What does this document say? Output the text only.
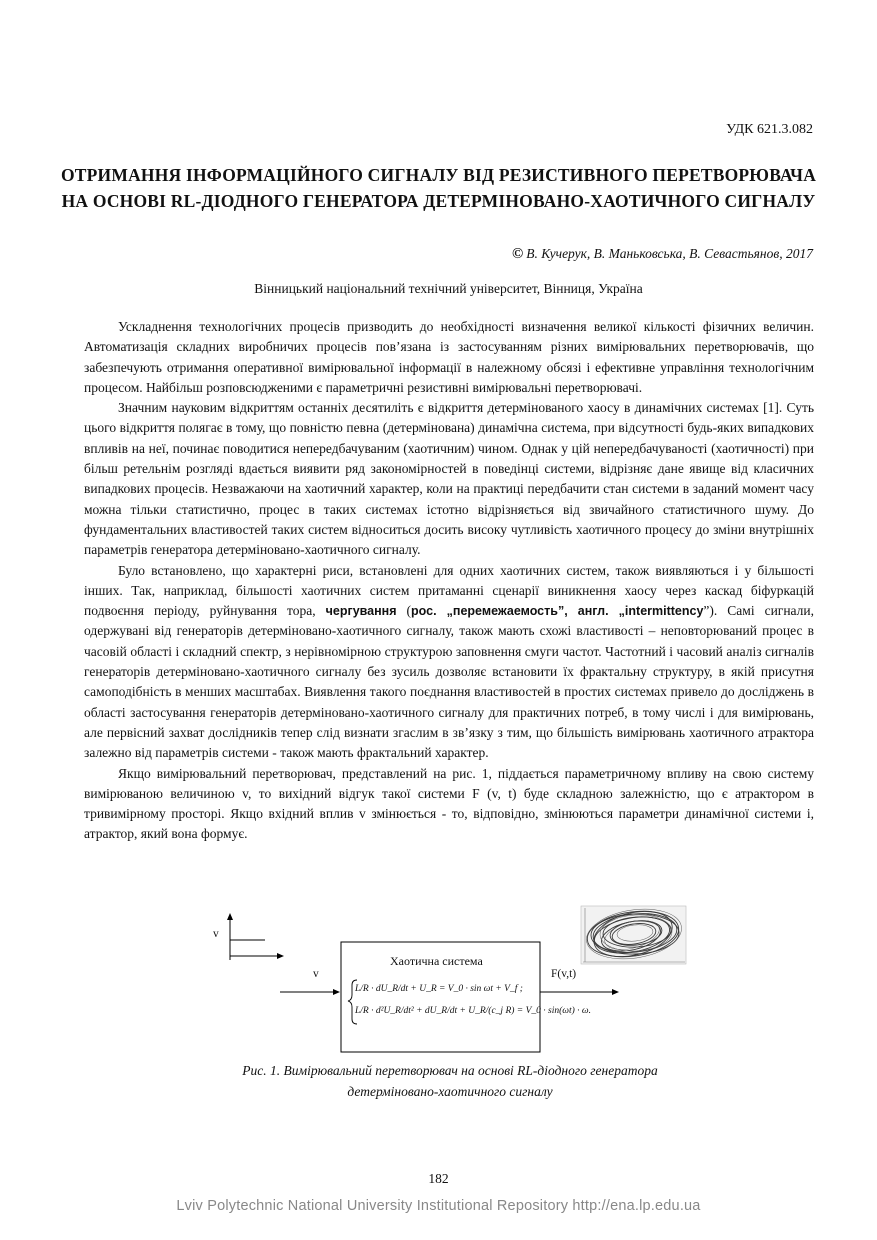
УДК 621.3.082
ОТРИМАННЯ ІНФОРМАЦІЙНОГО СИГНАЛУ ВІД РЕЗИСТИВНОГО ПЕРЕТВОРЮВАЧА НА ОСНОВІ RL-ДІОДНОГО ГЕНЕРАТОРА ДЕТЕРМІНОВАНО-ХАОТИЧНОГО СИГНАЛУ
© В. Кучерук, В. Маньковська, В. Севастьянов, 2017
Вінницький національний технічний університет, Вінниця, Україна

Ускладнення технологічних процесів призводить до необхідності визначення великої кількості фізичних величин. Автоматизація складних виробничих процесів пов’язана із застосуванням різних вимірювальних перетворювачів, що забезпечують отримання оперативної вимірювальної інформації в належному обсязі і ефективне управління технологічним процесом. Найбільш розповсюдженими є параметричні резистивні вимірювальні перетворювачі.

Значним науковим відкриттям останніх десятиліть є відкриття детермінованого хаосу в динамічних системах [1]. Суть цього відкриття полягає в тому, що повністю певна (детермінована) динамічна система, при відсутності будь-яких випадкових впливів на неї, починає поводитися непередбачуваним (хаотичним) чином. Однак у цій непередбачуваності (хаотичності) при більш ретельнім розгляді вдається виявити ряд закономірностей в поведінці системи, відрізняє дане явище від класичних випадкових процесів. Незважаючи на хаотичний характер, коли на практиці передбачити стан системи в заданий момент часу можна тільки статистично, процес в таких системах істотно відрізняється від звичайного статистичного шуму. До фундаментальних властивостей таких систем відноситься досить високу чутливість хаотичного процесу до зміни внутрішніх параметрів генератора детерміновано-хаотичного сигналу.

Було встановлено, що характерні риси, встановлені для одних хаотичних систем, також виявляються і у більшості інших. Так, наприклад, більшості хаотичних систем притаманні сценарії виникнення хаосу через каскад біфуркацій подвоєння періоду, руйнування тора, чергування (рос. „перемежаемость”, англ. „intermittency”). Самі сигнали, одержувані від генераторів детерміновано-хаотичного сигналу, також мають схожі властивості – неповторюваний процес в часовій області і складний спектр, з нерівномірною структурою заповнення смуги частот. Частотний і часовий аналіз сигналів генераторів детерміновано-хаотичного сигналу без зусиль дозволяє встановити їх фрактальну структуру, в якій присутня самоподібність в менших масштабах. Виявлення такого поєднання властивостей в простих системах привело до досліджень в області застосування генераторів детерміновано-хаотичного сигналу для практичних потреб, в тому числі і для вимірювань, але первісний захват дослідників тепер слід визнати згаслим в зв’язку з тим, що більшість вимірювань хаотичного атрактора залежно від параметрів системи - також мають фрактальний характер.

Якщо вимірювальний перетворювач, представлений на рис. 1, піддається параметричному впливу на свою систему вимірюваною величиною v, то вихідний відгук такої системи F (v, t) буде складною залежністю, що є атрактором в тривимірному просторі. Якщо вхідний вплив v змінюється - то, відповідно, змінюються параметри динамічної системи і, атрактор, який вона формує.

v
v
Хаотична система
F(v,t)
L/R · dU_R/dt + U_R = V_0 · sin ωt + V_f ;
L/R · d²U_R/dt² + dU_R/dt + U_R/(c_j R) = V_0 · sin(ωt) · ω.
Рис. 1. Вимірювальний перетворювач на основі RL-діодного генератора
детерміновано-хаотичного сигналу
182
Lviv Polytechnic National University Institutional Repository http://ena.lp.edu.ua
